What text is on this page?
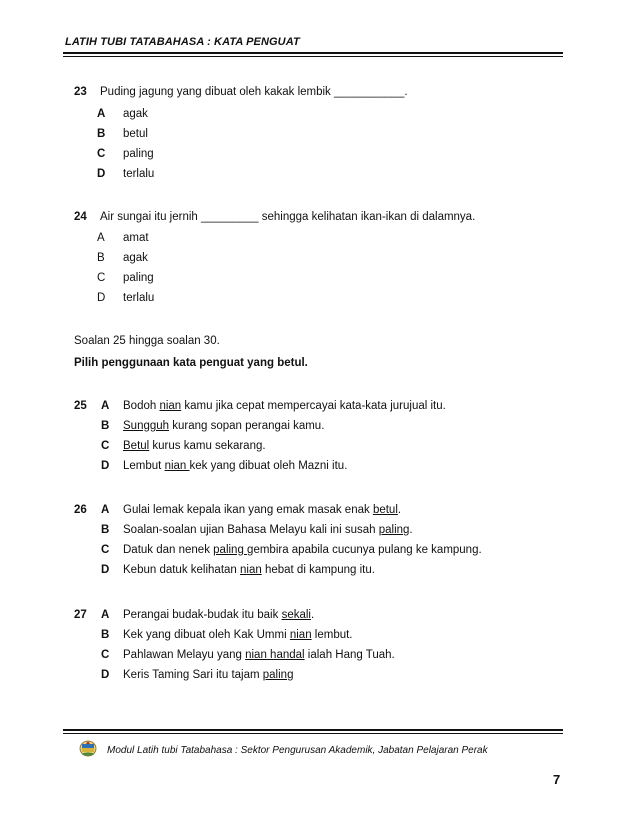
LATIH TUBI TATABAHASA : KATA PENGUAT
23 Puding jagung yang dibuat oleh kakak lembik ___________.
A agak
B betul
C paling
D terlalu
24 Air sungai itu jernih _________ sehingga kelihatan ikan-ikan di dalamnya.
A amat
B agak
C paling
D terlalu
Soalan 25 hingga soalan 30.
Pilih penggunaan kata penguat yang betul.
25 A Bodoh nian kamu jika cepat mempercayai kata-kata jurujual itu.
B Sungguh kurang sopan perangai kamu.
C Betul kurus kamu sekarang.
D Lembut nian kek yang dibuat oleh Mazni itu.
26 A Gulai lemak kepala ikan yang emak masak enak betul.
B Soalan-soalan ujian Bahasa Melayu kali ini susah paling.
C Datuk dan nenek paling gembira apabila cucunya pulang ke kampung.
D Kebun datuk kelihatan nian hebat di kampung itu.
27 A Perangai budak-budak itu baik sekali.
B Kek yang dibuat oleh Kak Ummi nian lembut.
C Pahlawan Melayu yang nian handal ialah Hang Tuah.
D Keris Taming Sari itu tajam paling
Modul Latih tubi Tatabahasa : Sektor Pengurusan Akademik, Jabatan Pelajaran Perak
7
